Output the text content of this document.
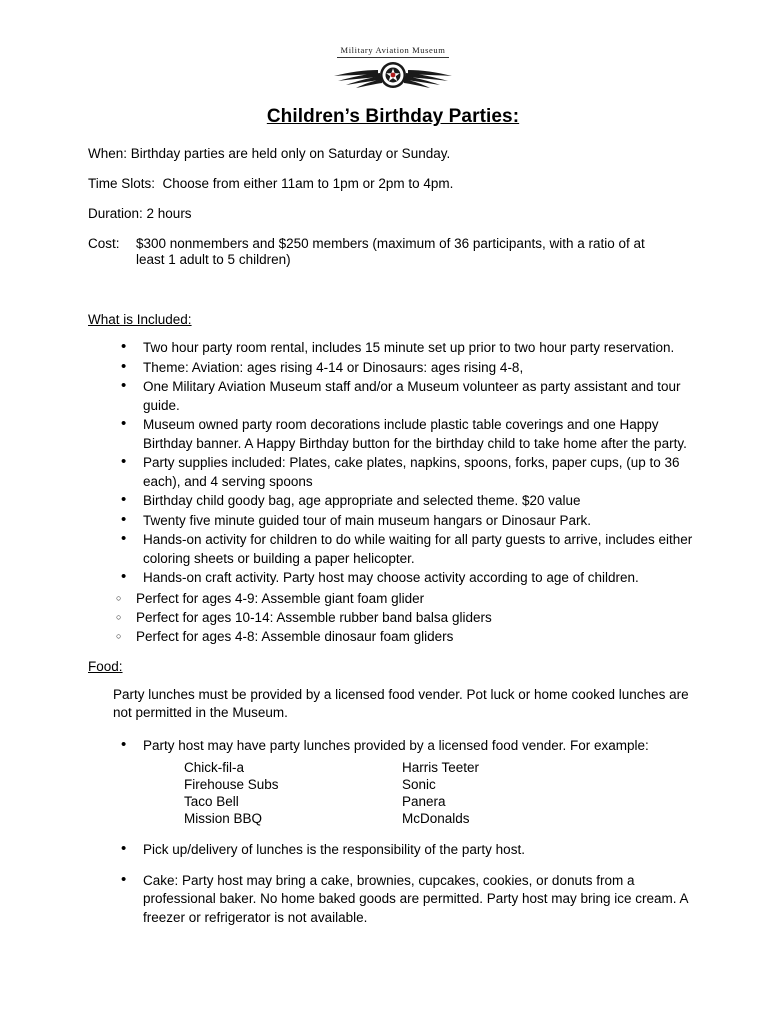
Military Aviation Museum
Children’s Birthday Parties:
When: Birthday parties are held only on Saturday or Sunday.
Time Slots: Choose from either 11am to 1pm or 2pm to 4pm.
Duration: 2 hours
Cost: $300 nonmembers and $250 members (maximum of 36 participants, with a ratio of at
least 1 adult to 5 children)
What is Included:
• Two hour party room rental, includes 15 minute set up prior to two hour party reservation.
• Theme: Aviation: ages rising 4-14 or Dinosaurs: ages rising 4-8,
• One Military Aviation Museum staff and/or a Museum volunteer as party assistant and tour guide.
• Museum owned party room decorations include plastic table coverings and one Happy Birthday banner. A Happy Birthday button for the birthday child to take home after the party.
• Party supplies included: Plates, cake plates, napkins, spoons, forks, paper cups, (up to 36 each), and 4 serving spoons
• Birthday child goody bag, age appropriate and selected theme. $20 value
• Twenty five minute guided tour of main museum hangars or Dinosaur Park.
• Hands-on activity for children to do while waiting for all party guests to arrive, includes either coloring sheets or building a paper helicopter.
• Hands-on craft activity. Party host may choose activity according to age of children.
○ Perfect for ages 4-9: Assemble giant foam glider
○ Perfect for ages 10-14: Assemble rubber band balsa gliders
○ Perfect for ages 4-8: Assemble dinosaur foam gliders
Food:
Party lunches must be provided by a licensed food vender. Pot luck or home cooked lunches are not permitted in the Museum.
• Party host may have party lunches provided by a licensed food vender. For example:
Chick-fil-a	Harris Teeter
Firehouse Subs	Sonic
Taco Bell	Panera
Mission BBQ	McDonalds
• Pick up/delivery of lunches is the responsibility of the party host.
• Cake: Party host may bring a cake, brownies, cupcakes, cookies, or donuts from a professional baker. No home baked goods are permitted. Party host may bring ice cream. A freezer or refrigerator is not available.
